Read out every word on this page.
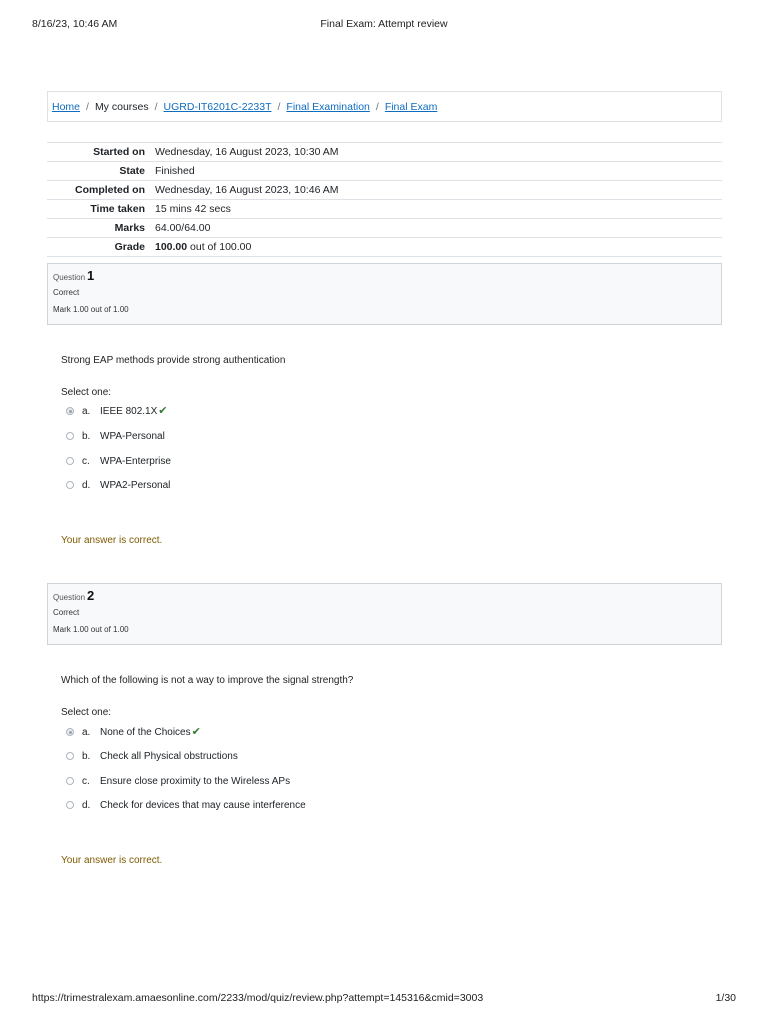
8/16/23, 10:46 AM	Final Exam: Attempt review
Home / My courses / UGRD-IT6201C-2233T / Final Examination / Final Exam
Started on	Wednesday, 16 August 2023, 10:30 AM
State	Finished
Completed on	Wednesday, 16 August 2023, 10:46 AM
Time taken	15 mins 42 secs
Marks	64.00/64.00
Grade	100.00 out of 100.00
Question 1
Correct
Mark 1.00 out of 1.00
Strong EAP methods provide strong authentication
Select one:
a. IEEE 802.1X ✔
b. WPA-Personal
c.	WPA-Enterprise
d. WPA2-Personal
Your answer is correct.
Question 2
Correct
Mark 1.00 out of 1.00
Which of the following is not a way to improve the signal strength?
Select one:
a. None of the Choices ✔
b. Check all Physical obstructions
c.	Ensure close proximity to the Wireless APs
d. Check for devices that may cause interference
Your answer is correct.
https://trimestralexam.amaesonline.com/2233/mod/quiz/review.php?attempt=145316&cmid=3003	1/30
